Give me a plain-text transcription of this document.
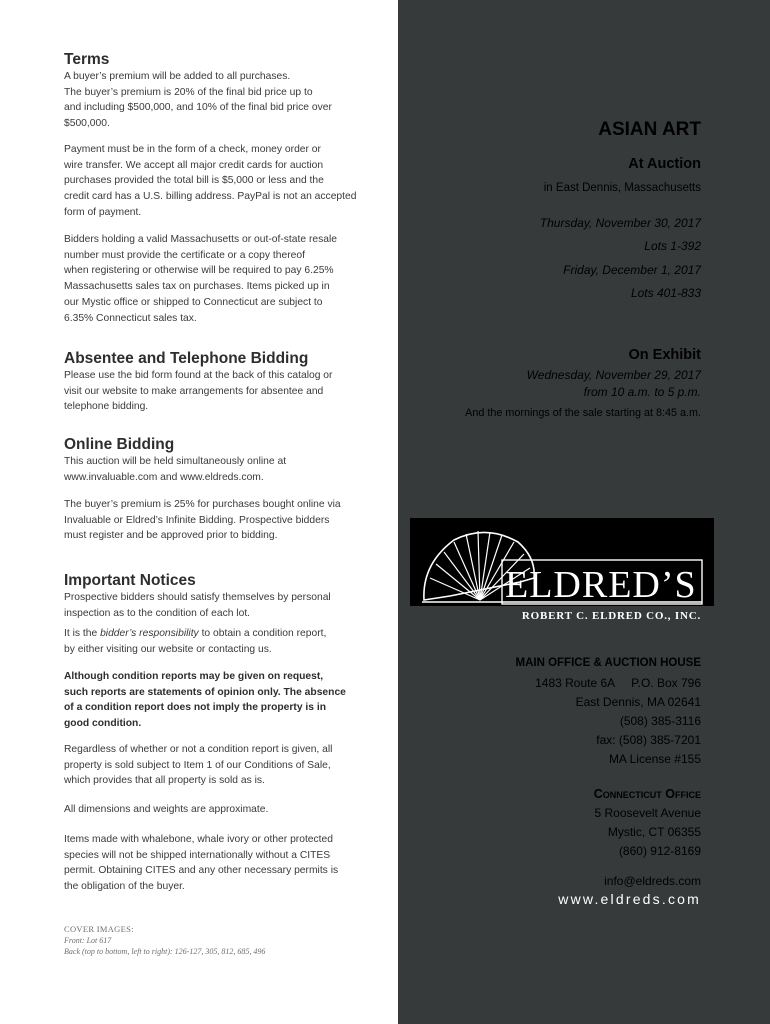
Terms
A buyer’s premium will be added to all purchases.
The buyer’s premium is 20% of the final bid price up to
and including $500,000, and 10% of the final bid price over
$500,000.
Payment must be in the form of a check, money order or
wire transfer. We accept all major credit cards for auction
purchases provided the total bill is $5,000 or less and the
credit card has a U.S. billing address. PayPal is not an accepted
form of payment.
Bidders holding a valid Massachusetts or out-of-state resale
number must provide the certificate or a copy thereof
when registering or otherwise will be required to pay 6.25%
Massachusetts sales tax on purchases. Items picked up in
our Mystic office or shipped to Connecticut are subject to
6.35% Connecticut sales tax.
Absentee and Telephone Bidding
Please use the bid form found at the back of this catalog or
visit our website to make arrangements for absentee and
telephone bidding.
Online Bidding
This auction will be held simultaneously online at
www.invaluable.com and www.eldreds.com.
The buyer’s premium is 25% for purchases bought online via
Invaluable or Eldred’s Infinite Bidding. Prospective bidders
must register and be approved prior to bidding.
Important Notices
Prospective bidders should satisfy themselves by personal
inspection as to the condition of each lot.
It is the bidder’s responsibility to obtain a condition report,
by either visiting our website or contacting us.
Although condition reports may be given on request,
such reports are statements of opinion only. The absence
of a condition report does not imply the property is in
good condition.
Regardless of whether or not a condition report is given, all
property is sold subject to Item 1 of our Conditions of Sale,
which provides that all property is sold as is.
All dimensions and weights are approximate.
Items made with whalebone, whale ivory or other protected
species will not be shipped internationally without a CITES
permit. Obtaining CITES and any other necessary permits is
the obligation of the buyer.
COVER IMAGES:
Front: Lot 617
Back (top to bottom, left to right): 126-127, 305, 812, 685, 496
ASIAN ART
At Auction
in East Dennis, Massachusetts
Thursday, November 30, 2017
Lots 1-392
Friday, December 1, 2017
Lots 401-833
On Exhibit
Wednesday, November 29, 2017
from 10 a.m. to 5 p.m.
And the mornings of the sale starting at 8:45 a.m.
ELDRED’S
ROBERT C. ELDRED CO., INC.
MAIN OFFICE & AUCTION HOUSE
1483 Route 6A     P.O. Box 796
East Dennis, MA 02641
(508) 385-3116
fax: (508) 385-7201
MA License #155
Connecticut Office
5 Roosevelt Avenue
Mystic, CT 06355
(860) 912-8169
info@eldreds.com
www.eldreds.com
